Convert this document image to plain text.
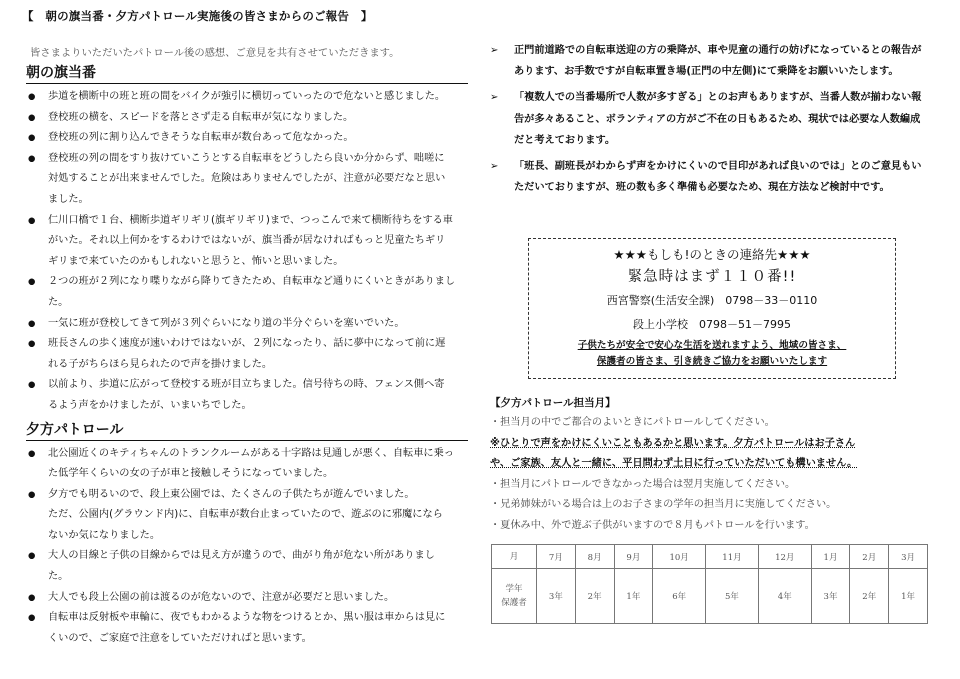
【　朝の旗当番・夕方パトロール実施後の皆さまからのご報告　】
皆さまよりいただいたパトロール後の感想、ご意見を共有させていただきます。
朝の旗当番
● 歩道を横断中の班と班の間をバイクが強引に横切っていったので危ないと感じました。
● 登校班の横を、スピードを落とさず走る自転車が気になりました。
● 登校班の列に割り込んできそうな自転車が数台あって危なかった。
● 登校班の列の間をすり抜けていこうとする自転車をどうしたら良いか分からず、咄嗟に
対処することが出来ませんでした。危険はありませんでしたが、注意が必要だなと思い
ました。
● 仁川口橋で１台、横断歩道ギリギリ(旗ギリギリ)まで、つっこんで来て横断待ちをする車
がいた。それ以上何かをするわけではないが、旗当番が居なければもっと児童たちギリ
ギリまで来ていたのかもしれないと思うと、怖いと思いました。
● ２つの班が２列になり喋りながら降りてきたため、自転車など通りにくいときがありまし
た。
● 一気に班が登校してきて列が３列ぐらいになり道の半分ぐらいを塞いでいた。
● 班長さんの歩く速度が速いわけではないが、２列になったり、話に夢中になって前に遅
れる子がちらほら見られたので声を掛けました。
● 以前より、歩道に広がって登校する班が目立ちました。信号待ちの時、フェンス側へ寄
るよう声をかけましたが、いまいちでした。
夕方パトロール
● 北公園近くのキティちゃんのトランクルームがある十字路は見通しが悪く、自転車に乗っ
た低学年くらいの女の子が車と接触しそうになっていました。
● 夕方でも明るいので、段上東公園では、たくさんの子供たちが遊んでいました。
ただ、公園内(グラウンド内)に、自転車が数台止まっていたので、遊ぶのに邪魔になら
ないか気になりました。
● 大人の目線と子供の目線からでは見え方が違うので、曲がり角が危ない所がありまし
た。
● 大人でも段上公園の前は渡るのが危ないので、注意が必要だと思いました。
● 自転車は反射板や車輪に、夜でもわかるような物をつけるとか、黒い服は車からは見に
くいので、ご家庭で注意をしていただければと思います。
➢ 正門前道路での自転車送迎の方の乗降が、車や児童の通行の妨げになっているとの報告があります、お手数ですが自転車置き場(正門の中左側)にて乗降をお願いいたします。
➢ 「複数人での当番場所で人数が多すぎる」とのお声もありますが、当番人数が揃わない報告が多々あること、ボランティアの方がご不在の日もあるため、現状では必要な人数編成だと考えております。
➢ 「班長、副班長がわからず声をかけにくいので目印があれば良いのでは」とのご意見もいただいておりますが、班の数も多く準備も必要なため、現在方法など検討中です。
★★★もしも!のときの連絡先★★★
緊急時はまず１１０番!!
西宮警察(生活安全課)　0798－33－0110
段上小学校　0798－51－7995
子供たちが安全で安心な生活を送れますよう、地域の皆さま、
保護者の皆さま、引き続きご協力をお願いいたします
【夕方パトロール担当月】
・担当月の中でご都合のよいときにパトロールしてください。
※ひとりで声をかけにくいこともあるかと思います。夕方パトロールはお子さん
や、ご家族、友人と一緒に、平日問わず土日に行っていただいても構いません。
・担当月にパトロールできなかった場合は翌月実施してください。
・兄弟姉妹がいる場合は上のお子さまの学年の担当月に実施してください。
・夏休み中、外で遊ぶ子供がいますので８月もパトロールを行います。
月	7月	8月	9月	10月	11月	12月	1月	2月	3月

学年
保護者	3年	2年	1年	6年	5年	4年	3年	2年	1年
